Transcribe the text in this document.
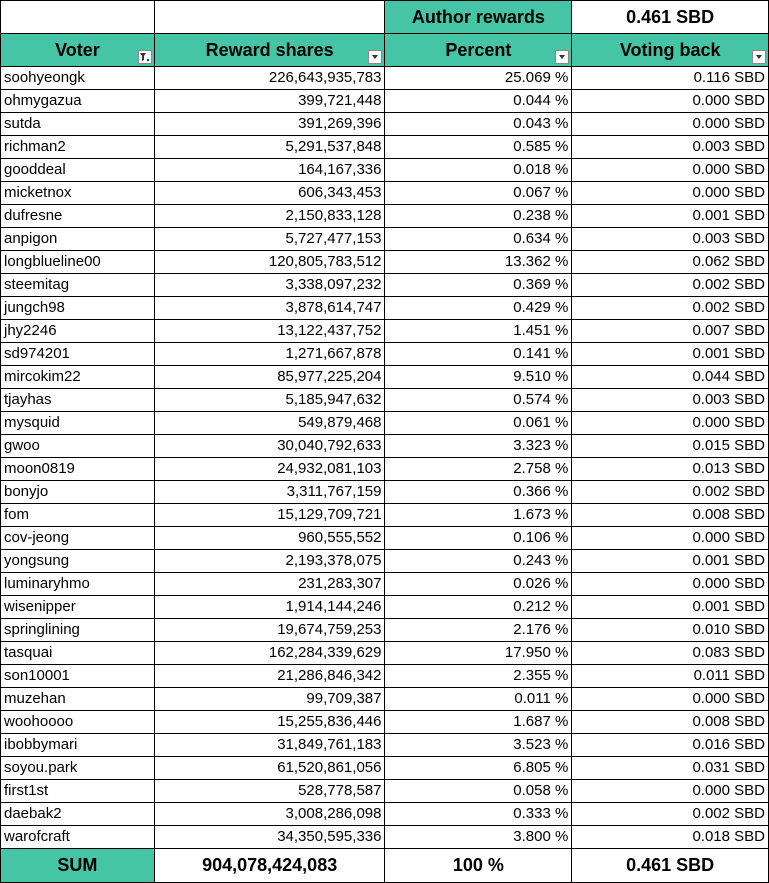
		Author rewards	0.461 SBD
Voter	Reward shares	Percent	Voting back

soohyeongk	226,643,935,783	25.069 %	0.116 SBD
ohmygazua	399,721,448	0.044 %	0.000 SBD
sutda	391,269,396	0.043 %	0.000 SBD
richman2	5,291,537,848	0.585 %	0.003 SBD
gooddeal	164,167,336	0.018 %	0.000 SBD
micketnox	606,343,453	0.067 %	0.000 SBD
dufresne	2,150,833,128	0.238 %	0.001 SBD
anpigon	5,727,477,153	0.634 %	0.003 SBD
longblueline00	120,805,783,512	13.362 %	0.062 SBD
steemitag	3,338,097,232	0.369 %	0.002 SBD
jungch98	3,878,614,747	0.429 %	0.002 SBD
jhy2246	13,122,437,752	1.451 %	0.007 SBD
sd974201	1,271,667,878	0.141 %	0.001 SBD
mircokim22	85,977,225,204	9.510 %	0.044 SBD
tjayhas	5,185,947,632	0.574 %	0.003 SBD
mysquid	549,879,468	0.061 %	0.000 SBD
gwoo	30,040,792,633	3.323 %	0.015 SBD
moon0819	24,932,081,103	2.758 %	0.013 SBD
bonyjo	3,311,767,159	0.366 %	0.002 SBD
fom	15,129,709,721	1.673 %	0.008 SBD
cov-jeong	960,555,552	0.106 %	0.000 SBD
yongsung	2,193,378,075	0.243 %	0.001 SBD
luminaryhmo	231,283,307	0.026 %	0.000 SBD
wisenipper	1,914,144,246	0.212 %	0.001 SBD
springlining	19,674,759,253	2.176 %	0.010 SBD
tasquai	162,284,339,629	17.950 %	0.083 SBD
son10001	21,286,846,342	2.355 %	0.011 SBD
muzehan	99,709,387	0.011 %	0.000 SBD
woohoooo	15,255,836,446	1.687 %	0.008 SBD
ibobbymari	31,849,761,183	3.523 %	0.016 SBD
soyou.park	61,520,861,056	6.805 %	0.031 SBD
first1st	528,778,587	0.058 %	0.000 SBD
daebak2	3,008,286,098	0.333 %	0.002 SBD
warofcraft	34,350,595,336	3.800 %	0.018 SBD
SUM	904,078,424,083	100 %	0.461 SBD
